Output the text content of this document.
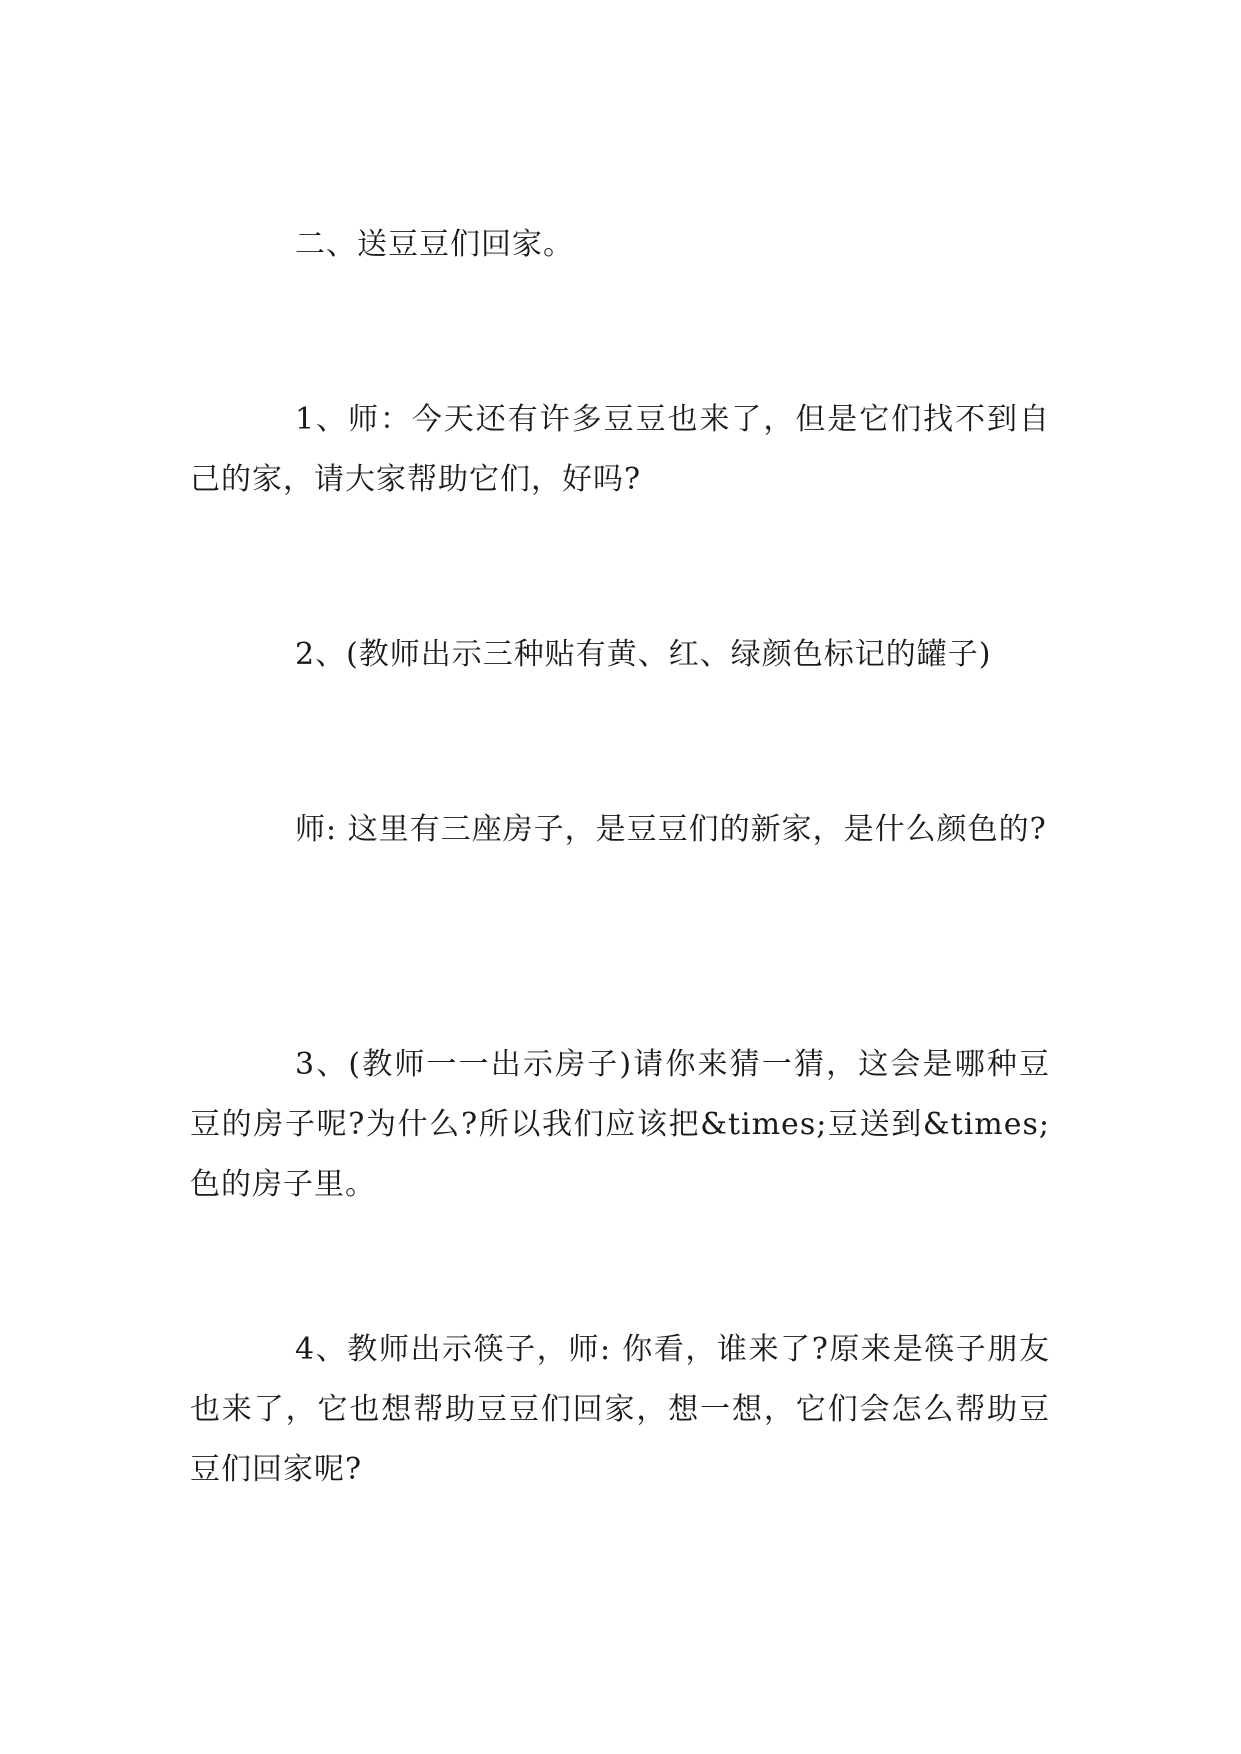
二、送豆豆们回家。

1、师：今天还有许多豆豆也来了，但是它们找不到自己的家，请大家帮助它们，好吗?

2、(教师出示三种贴有黄、红、绿颜色标记的罐子)

师: 这里有三座房子，是豆豆们的新家，是什么颜色的?

3、(教师一一出示房子)请你来猜一猜，这会是哪种豆豆的房子呢?为什么?所以我们应该把&times;豆送到&times;色的房子里。

4、教师出示筷子，师: 你看，谁来了?原来是筷子朋友也来了，它也想帮助豆豆们回家，想一想，它们会怎么帮助豆豆们回家呢?
